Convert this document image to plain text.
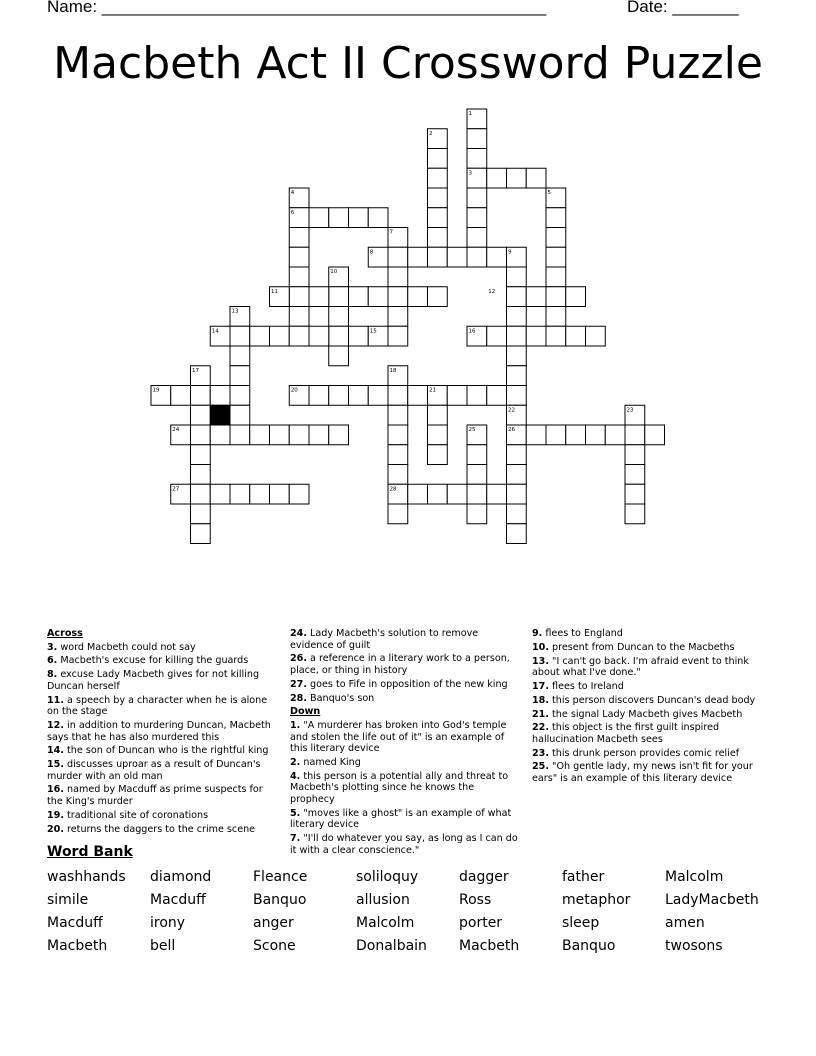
Name: _______________________________________________	Date: _______
Macbeth Act II Crossword Puzzle
1
2
3
4	5
6
7
8	9
10
11	12
13
14	15	16
17	18
19	20	21
22	23
24	25	26
27	28
Across
3. word Macbeth could not say
6. Macbeth's excuse for killing the guards
8. excuse Lady Macbeth gives for not killing Duncan herself
11. a speech by a character when he is alone on the stage
12. in addition to murdering Duncan, Macbeth says that he has also murdered this
14. the son of Duncan who is the rightful king
15. discusses uproar as a result of Duncan's murder with an old man
16. named by Macduff as prime suspects for the King's murder
19. traditional site of coronations
20. returns the daggers to the crime scene
24. Lady Macbeth's solution to remove evidence of guilt
26. a reference in a literary work to a person, place, or thing in history
27. goes to Fife in opposition of the new king
28. Banquo's son
Down
1. "A murderer has broken into God's temple and stolen the life out of it" is an example of this literary device
2. named King
4. this person is a potential ally and threat to Macbeth's plotting since he knows the prophecy
5. "moves like a ghost" is an example of what literary device
7. "I'll do whatever you say, as long as I can do it with a clear conscience."
9. flees to England
10. present from Duncan to the Macbeths
13. "I can't go back. I'm afraid event to think about what I've done."
17. flees to Ireland
18. this person discovers Duncan's dead body
21. the signal Lady Macbeth gives Macbeth
22. this object is the first guilt inspired hallucination Macbeth sees
23. this drunk person provides comic relief
25. "Oh gentle lady, my news isn't fit for your ears" is an example of this literary device
Word Bank
washhands	diamond	Fleance	soliloquy	dagger	father	Malcolm
simile	Macduff	Banquo	allusion	Ross	metaphor	LadyMacbeth
Macduff	irony	anger	Malcolm	porter	sleep	amen
Macbeth	bell	Scone	Donalbain	Macbeth	Banquo	twosons
